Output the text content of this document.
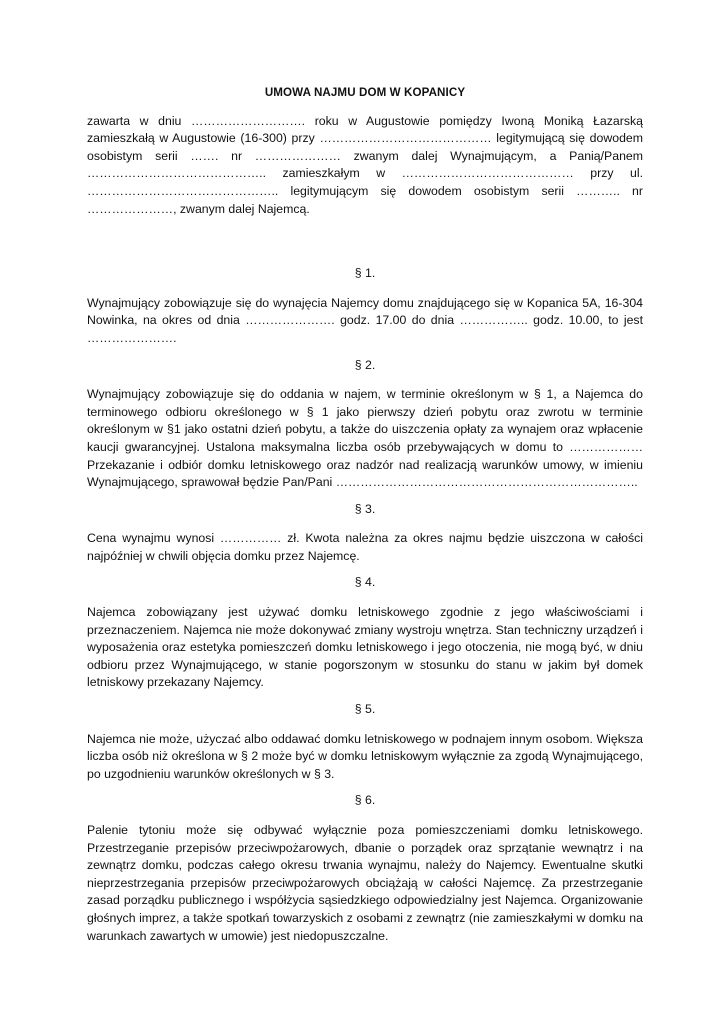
UMOWA NAJMU DOM W KOPANICY

zawarta w dniu ………………………. roku w Augustowie pomiędzy Iwoną Moniką Łazarską zamieszkałą w Augustowie (16-300) przy …………………………………… legitymującą się dowodem osobistym serii ……. nr ………………… zwanym dalej Wynajmującym, a Panią/Panem …………………………………….. zamieszkałym w …………………………………… przy ul. ……………………………………….. legitymującym się dowodem osobistym serii ……….. nr …………………, zwanym dalej Najemcą.

§ 1.

Wynajmujący zobowiązuje się do wynajęcia Najemcy domu znajdującego się w Kopanica 5A, 16-304 Nowinka, na okres od dnia …………………. godz. 17.00 do dnia …………….. godz. 10.00, to jest ………………….

§ 2.

Wynajmujący zobowiązuje się do oddania w najem, w terminie określonym w § 1, a Najemca do terminowego odbioru określonego w § 1 jako pierwszy dzień pobytu oraz zwrotu w terminie określonym w §1 jako ostatni dzień pobytu, a także do uiszczenia opłaty za wynajem oraz wpłacenie kaucji gwarancyjnej. Ustalona maksymalna liczba osób przebywających w domu to ……………… Przekazanie i odbiór domku letniskowego oraz nadzór nad realizacją warunków umowy, w imieniu Wynajmującego, sprawował będzie Pan/Pani ………………………………………………………………..

§ 3.

Cena wynajmu wynosi …………… zł. Kwota należna za okres najmu będzie uiszczona w całości najpóźniej w chwili objęcia domku przez Najemcę.

§ 4.

Najemca zobowiązany jest używać domku letniskowego zgodnie z jego właściwościami i przeznaczeniem. Najemca nie może dokonywać zmiany wystroju wnętrza. Stan techniczny urządzeń i wyposażenia oraz estetyka pomieszczeń domku letniskowego i jego otoczenia, nie mogą być, w dniu odbioru przez Wynajmującego, w stanie pogorszonym w stosunku do stanu w jakim był domek letniskowy przekazany Najemcy.

§ 5.

Najemca nie może, użyczać albo oddawać domku letniskowego w podnajem innym osobom. Większa liczba osób niż określona w § 2 może być w domku letniskowym wyłącznie za zgodą Wynajmującego, po uzgodnieniu warunków określonych w § 3.

§ 6.

Palenie tytoniu może się odbywać wyłącznie poza pomieszczeniami domku letniskowego. Przestrzeganie przepisów przeciwpożarowych, dbanie o porządek oraz sprzątanie wewnątrz i na zewnątrz domku, podczas całego okresu trwania wynajmu, należy do Najemcy. Ewentualne skutki nieprzestrzegania przepisów przeciwpożarowych obciążają w całości Najemcę. Za przestrzeganie zasad porządku publicznego i współżycia sąsiedzkiego odpowiedzialny jest Najemca. Organizowanie głośnych imprez, a także spotkań towarzyskich z osobami z zewnątrz (nie zamieszkałymi w domku na warunkach zawartych w umowie) jest niedopuszczalne.
